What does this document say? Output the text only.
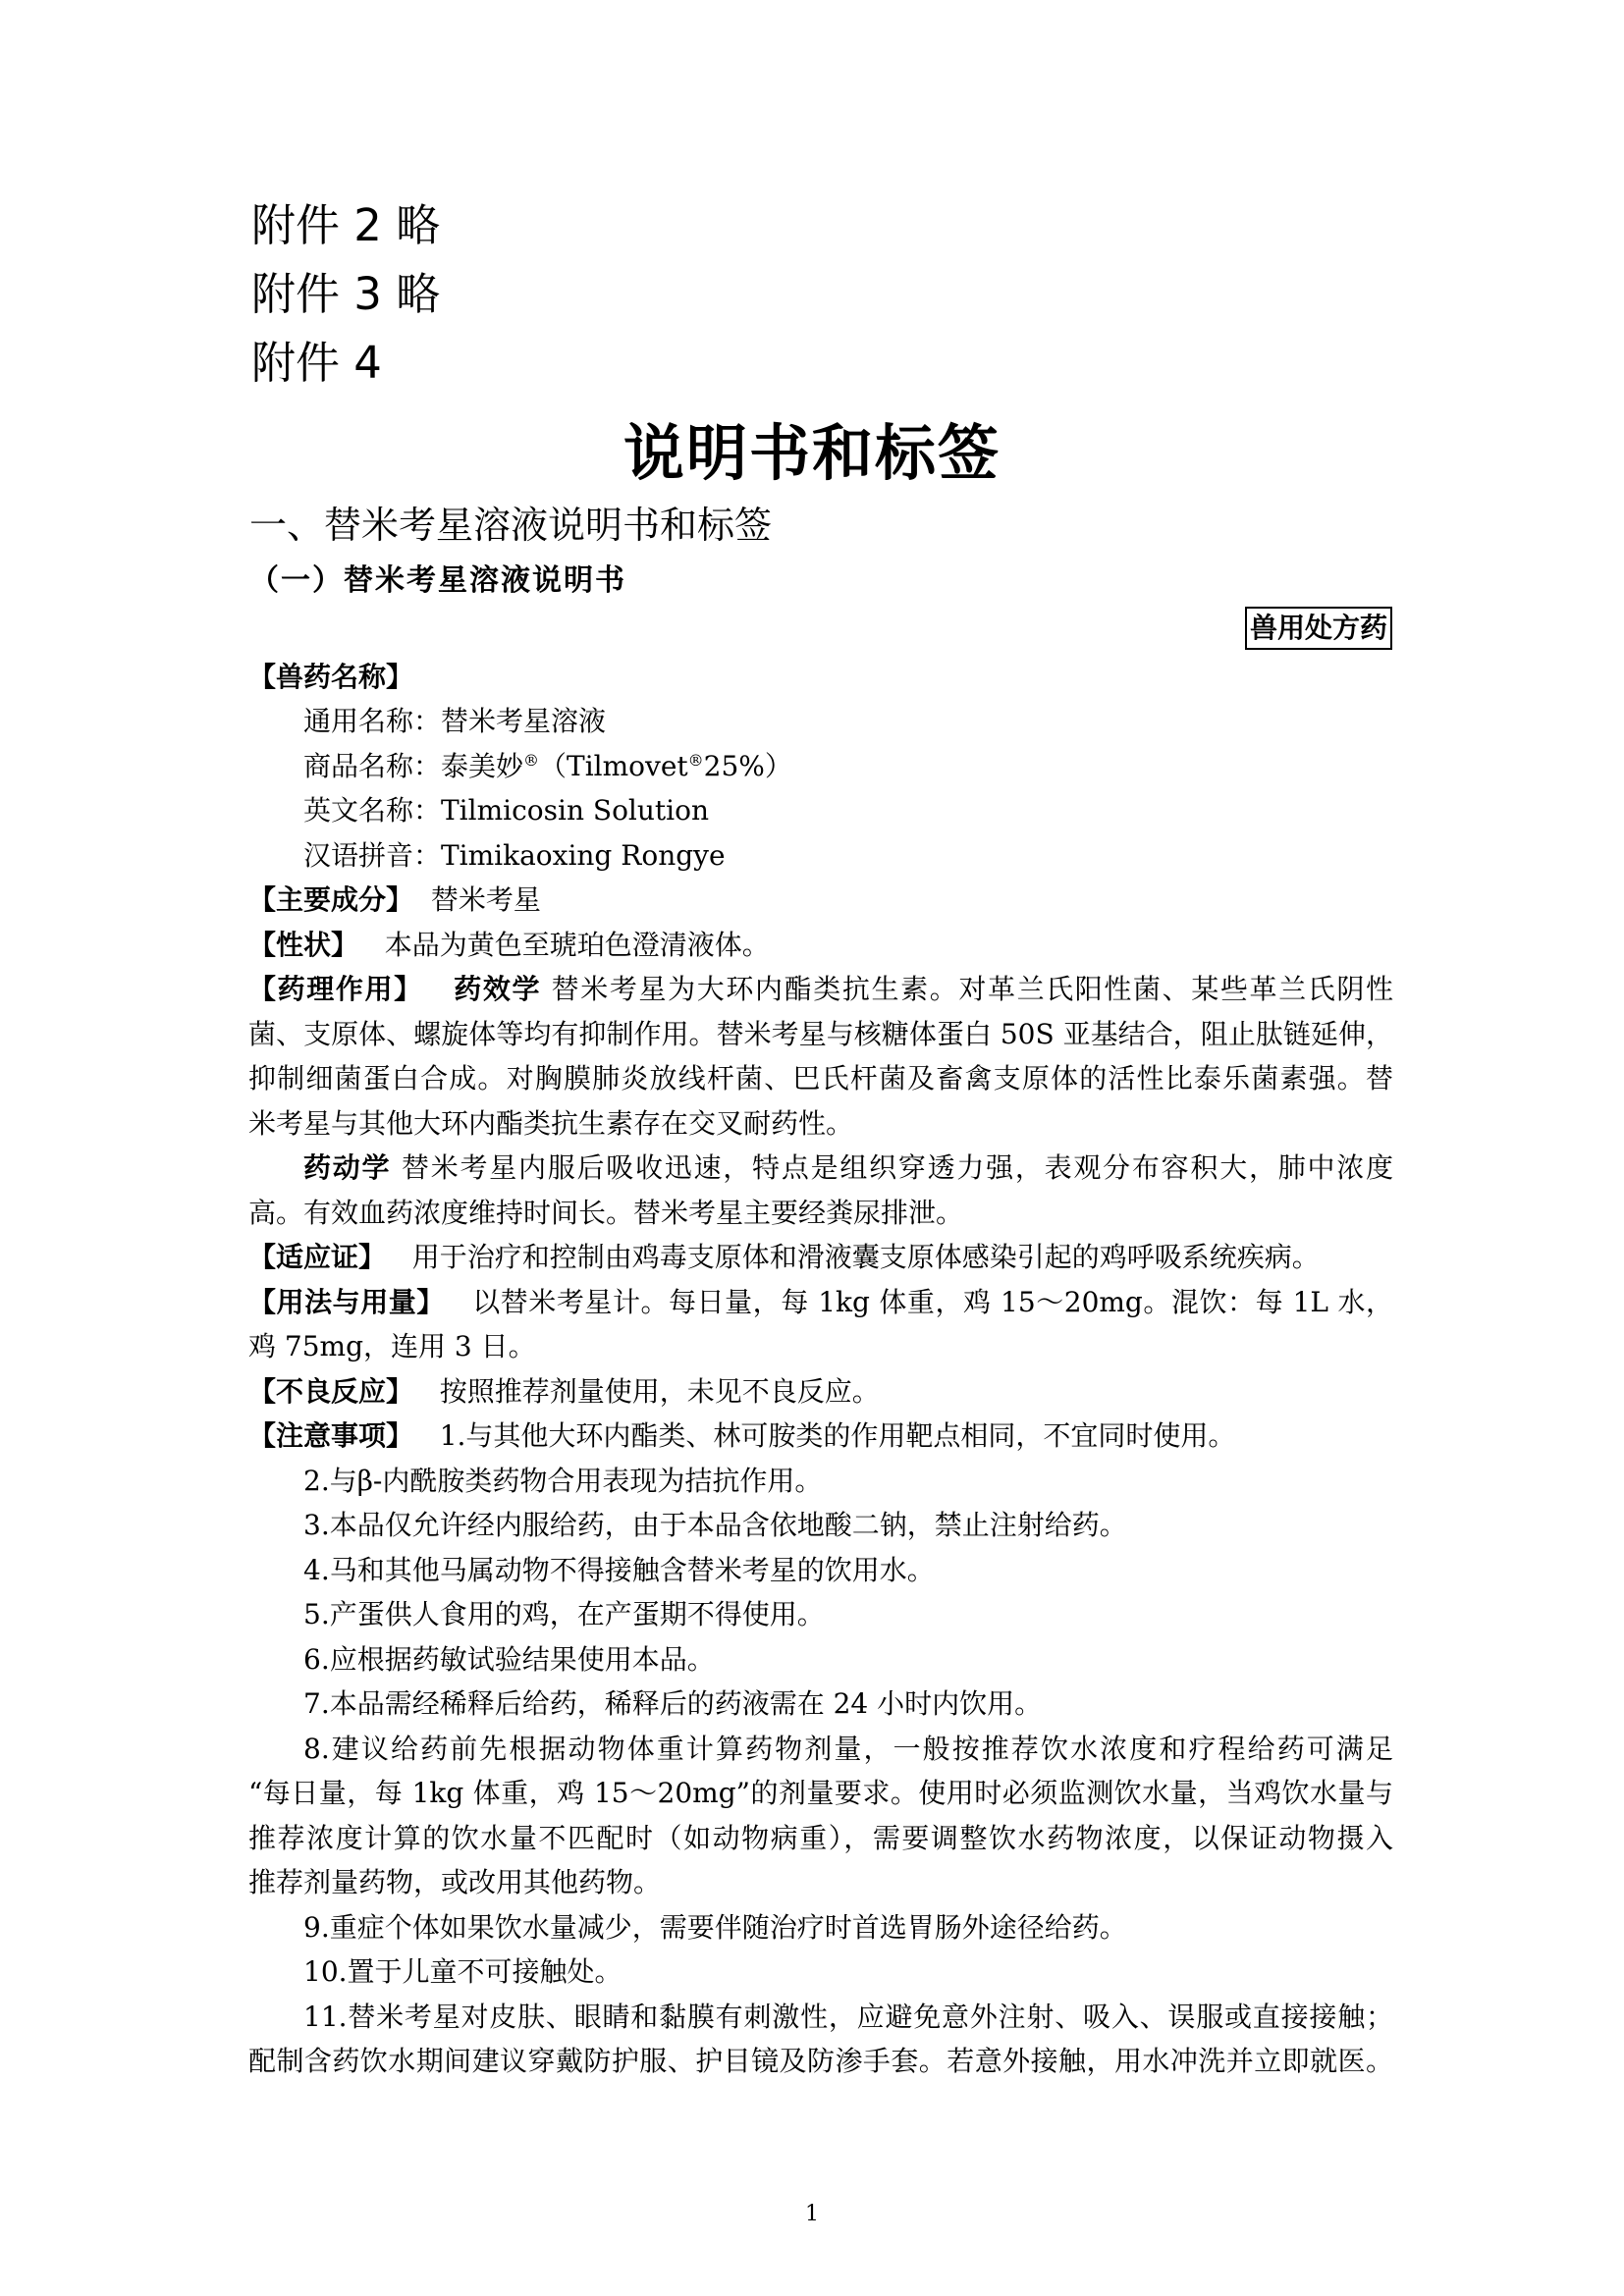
附件 2 略
附件 3 略
附件 4
说明书和标签
一、替米考星溶液说明书和标签
（一）替米考星溶液说明书
兽用处方药
【兽药名称】
通用名称：替米考星溶液
商品名称：泰美妙®（Tilmovet®25%）
英文名称：Tilmicosin Solution
汉语拼音：Timikaoxing Rongye
【主要成分】 替米考星
【性状】 本品为黄色至琥珀色澄清液体。
【药理作用】 药效学 替米考星为大环内酯类抗生素。对革兰氏阳性菌、某些革兰氏阴性
菌、支原体、螺旋体等均有抑制作用。替米考星与核糖体蛋白 50S 亚基结合，阻止肽链延伸，
抑制细菌蛋白合成。对胸膜肺炎放线杆菌、巴氏杆菌及畜禽支原体的活性比泰乐菌素强。替
米考星与其他大环内酯类抗生素存在交叉耐药性。
药动学 替米考星内服后吸收迅速，特点是组织穿透力强，表观分布容积大，肺中浓度
高。有效血药浓度维持时间长。替米考星主要经粪尿排泄。
【适应证】 用于治疗和控制由鸡毒支原体和滑液囊支原体感染引起的鸡呼吸系统疾病。
【用法与用量】 以替米考星计。每日量，每 1kg 体重，鸡 15～20mg。混饮：每 1L 水，
鸡 75mg，连用 3 日。
【不良反应】 按照推荐剂量使用，未见不良反应。
【注意事项】 1.与其他大环内酯类、林可胺类的作用靶点相同，不宜同时使用。
2.与β-内酰胺类药物合用表现为拮抗作用。
3.本品仅允许经内服给药，由于本品含依地酸二钠，禁止注射给药。
4.马和其他马属动物不得接触含替米考星的饮用水。
5.产蛋供人食用的鸡，在产蛋期不得使用。
6.应根据药敏试验结果使用本品。
7.本品需经稀释后给药，稀释后的药液需在 24 小时内饮用。
8.建议给药前先根据动物体重计算药物剂量，一般按推荐饮水浓度和疗程给药可满足
“每日量，每 1kg 体重，鸡 15～20mg”的剂量要求。使用时必须监测饮水量，当鸡饮水量与
推荐浓度计算的饮水量不匹配时（如动物病重），需要调整饮水药物浓度，以保证动物摄入
推荐剂量药物，或改用其他药物。
9.重症个体如果饮水量减少，需要伴随治疗时首选胃肠外途径给药。
10.置于儿童不可接触处。
11.替米考星对皮肤、眼睛和黏膜有刺激性，应避免意外注射、吸入、误服或直接接触；
配制含药饮水期间建议穿戴防护服、护目镜及防渗手套。若意外接触，用水冲洗并立即就医。
1
